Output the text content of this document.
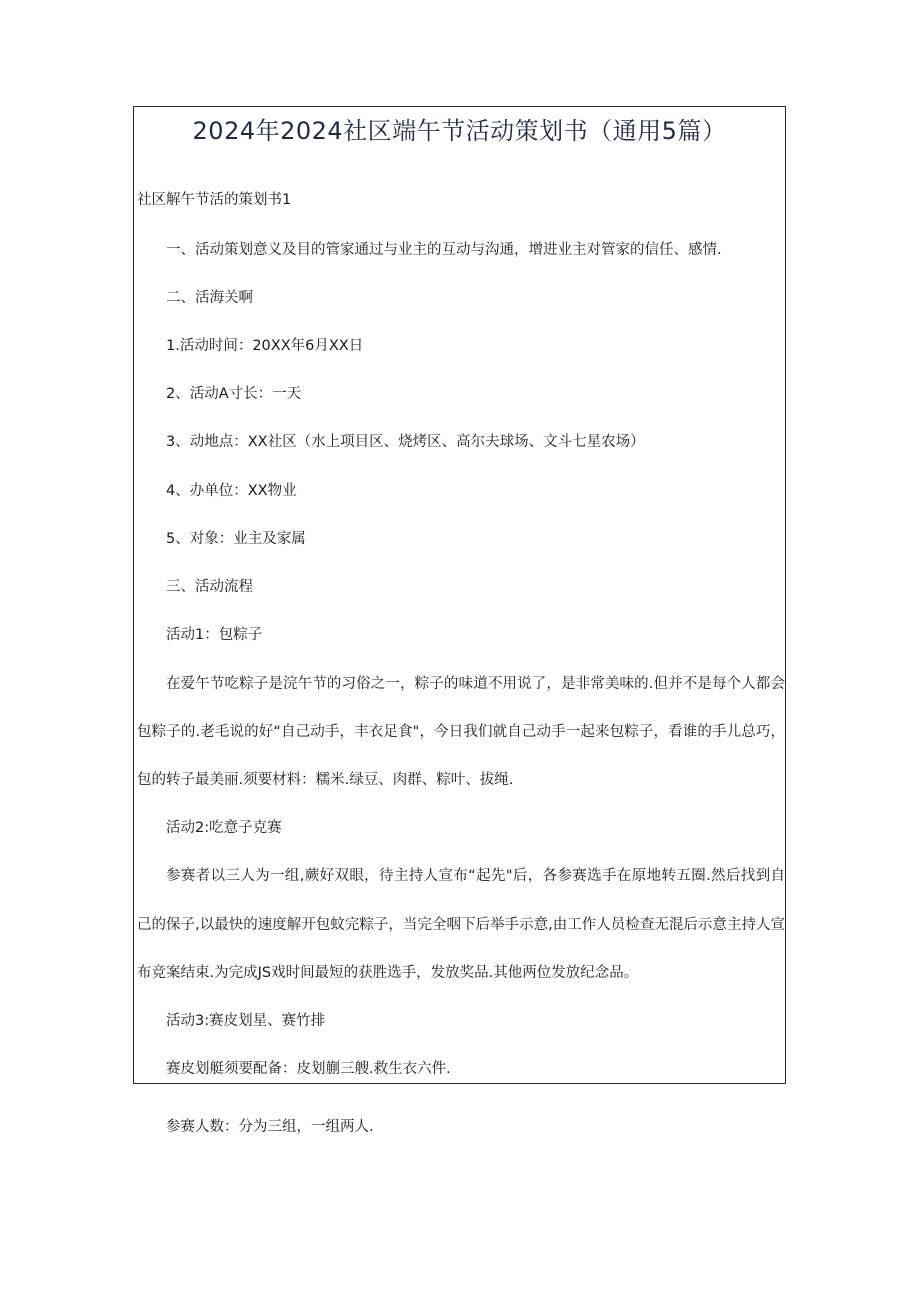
2024年2024社区端午节活动策划书（通用5篇）
社区解午节活的策划书1
一、活动策划意义及目的管家通过与业主的互动与沟通，增进业主对管家的信任、感情.
二、活海关啊
1.活动时间：20XX年6月XX日
2、活动A寸长：一天
3、动地点：XX社区（水上项目区、烧烤区、高尔夫球场、文斗七星农场）
4、办单位：XX物业
5、对象：业主及家属
三、活动流程
活动1：包粽子
在爱午节吃粽子是浣午节的习俗之一，粽子的味道不用说了，是非常美味的.但并不是每个人都会
包粽子的.老毛说的好“自己动手，丰衣足食"，今日我们就自己动手一起来包粽子，看谁的手儿总巧，
包的转子最美丽.须要材料：糯米.绿豆、肉群、粽叶、拔绳.
活动2:吃意子克赛
参赛者以三人为一组,蕨好双眼，待主持人宣布“起先"后，各参赛选手在原地转五圈.然后找到自
己的保子,以最快的速度解开包蚊完粽子，当完全咽下后举手示意,由工作人员检查无混后示意主持人宣
布竞案结束.为完成JS戏时间最短的获胜选手，发放奖品.其他两位发放纪念品。
活动3:赛皮划星、赛竹排
赛皮划艇须要配备：皮划蒯三艘.救生衣六件.
参赛人数：分为三组，一组两人.
